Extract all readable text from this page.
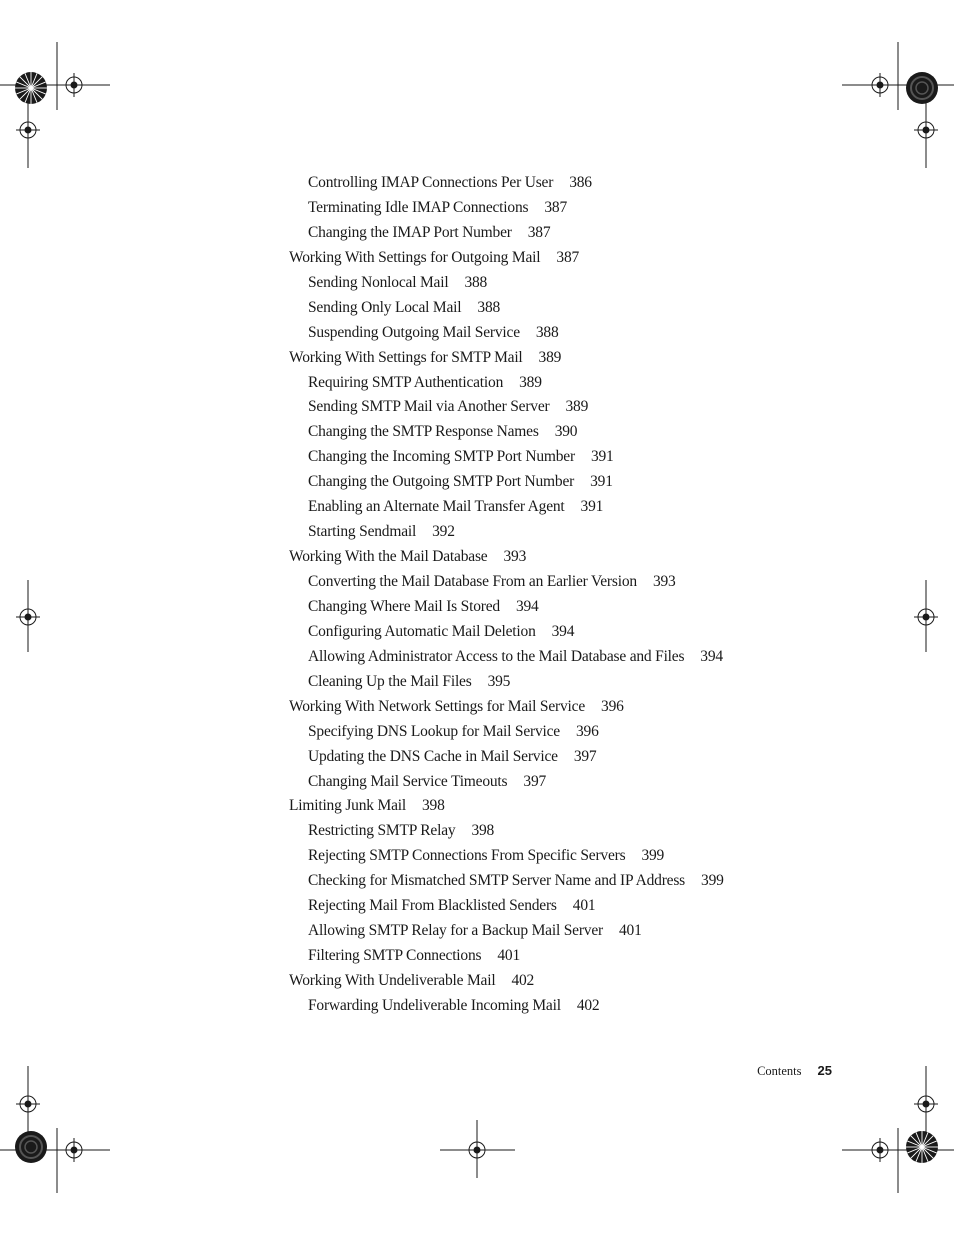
Controlling IMAP Connections Per User 386
Terminating Idle IMAP Connections 387
Changing the IMAP Port Number 387
Working With Settings for Outgoing Mail 387
Sending Nonlocal Mail 388
Sending Only Local Mail 388
Suspending Outgoing Mail Service 388
Working With Settings for SMTP Mail 389
Requiring SMTP Authentication 389
Sending SMTP Mail via Another Server 389
Changing the SMTP Response Names 390
Changing the Incoming SMTP Port Number 391
Changing the Outgoing SMTP Port Number 391
Enabling an Alternate Mail Transfer Agent 391
Starting Sendmail 392
Working With the Mail Database 393
Converting the Mail Database From an Earlier Version 393
Changing Where Mail Is Stored 394
Configuring Automatic Mail Deletion 394
Allowing Administrator Access to the Mail Database and Files 394
Cleaning Up the Mail Files 395
Working With Network Settings for Mail Service 396
Specifying DNS Lookup for Mail Service 396
Updating the DNS Cache in Mail Service 397
Changing Mail Service Timeouts 397
Limiting Junk Mail 398
Restricting SMTP Relay 398
Rejecting SMTP Connections From Specific Servers 399
Checking for Mismatched SMTP Server Name and IP Address 399
Rejecting Mail From Blacklisted Senders 401
Allowing SMTP Relay for a Backup Mail Server 401
Filtering SMTP Connections 401
Working With Undeliverable Mail 402
Forwarding Undeliverable Incoming Mail 402
Contents 25
